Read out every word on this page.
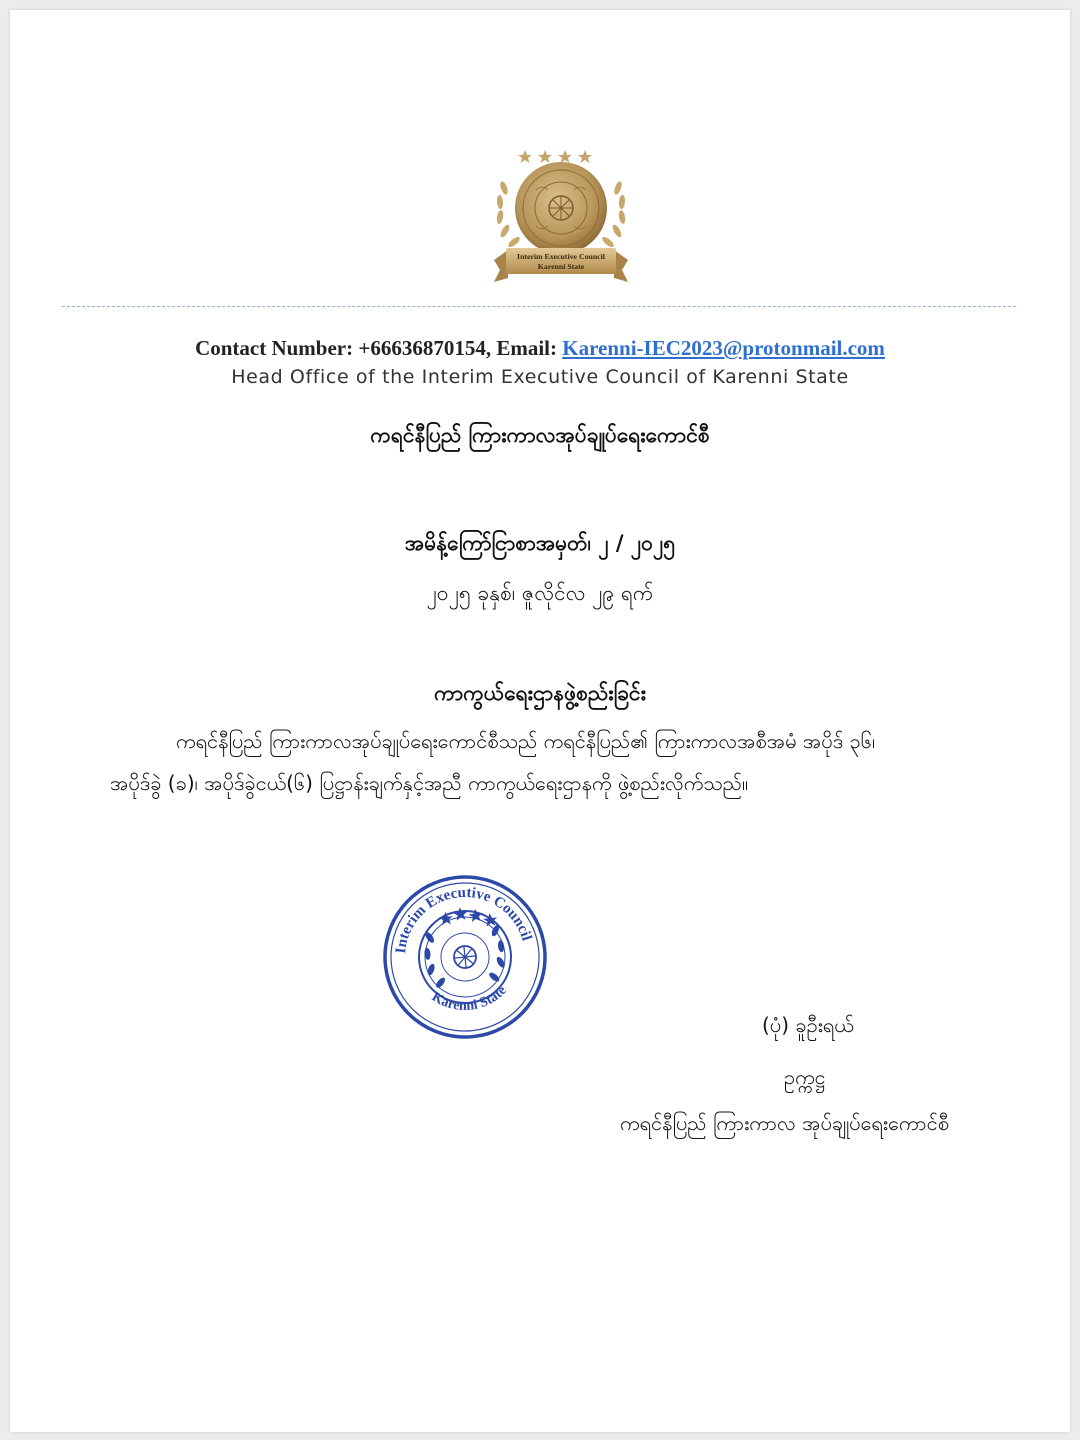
Interim Executive Council
Karenni State
Contact Number: +66636870154, Email: Karenni-IEC2023@protonmail.com
Head Office of the Interim Executive Council of Karenni State
ကရင်နီပြည် ကြားကာလအုပ်ချုပ်ရေးကောင်စီ
အမိန့်ကြော်ငြာစာအမှတ်၊ ၂ / ၂၀၂၅
၂၀၂၅ ခုနှစ်၊ ဇူလိုင်လ ၂၉ ရက်
ကာကွယ်ရေးဌာနဖွဲ့စည်းခြင်း
ကရင်နီပြည် ကြားကာလအုပ်ချုပ်ရေးကောင်စီသည် ကရင်နီပြည်၏ ကြားကာလအစီအမံ အပိုဒ် ၃၆၊
အပိုဒ်ခွဲ (ခ)၊ အပိုဒ်ခွဲငယ်(၆) ပြဋ္ဌာန်းချက်နှင့်အညီ ကာကွယ်ရေးဌာနကို ဖွဲ့စည်းလိုက်သည်။
Interim Executive Council
Karenni State
(ပုံ) ခူဦးရယ်
ဥက္ကဋ္ဌ
ကရင်နီပြည် ကြားကာလ အုပ်ချုပ်ရေးကောင်စီ
